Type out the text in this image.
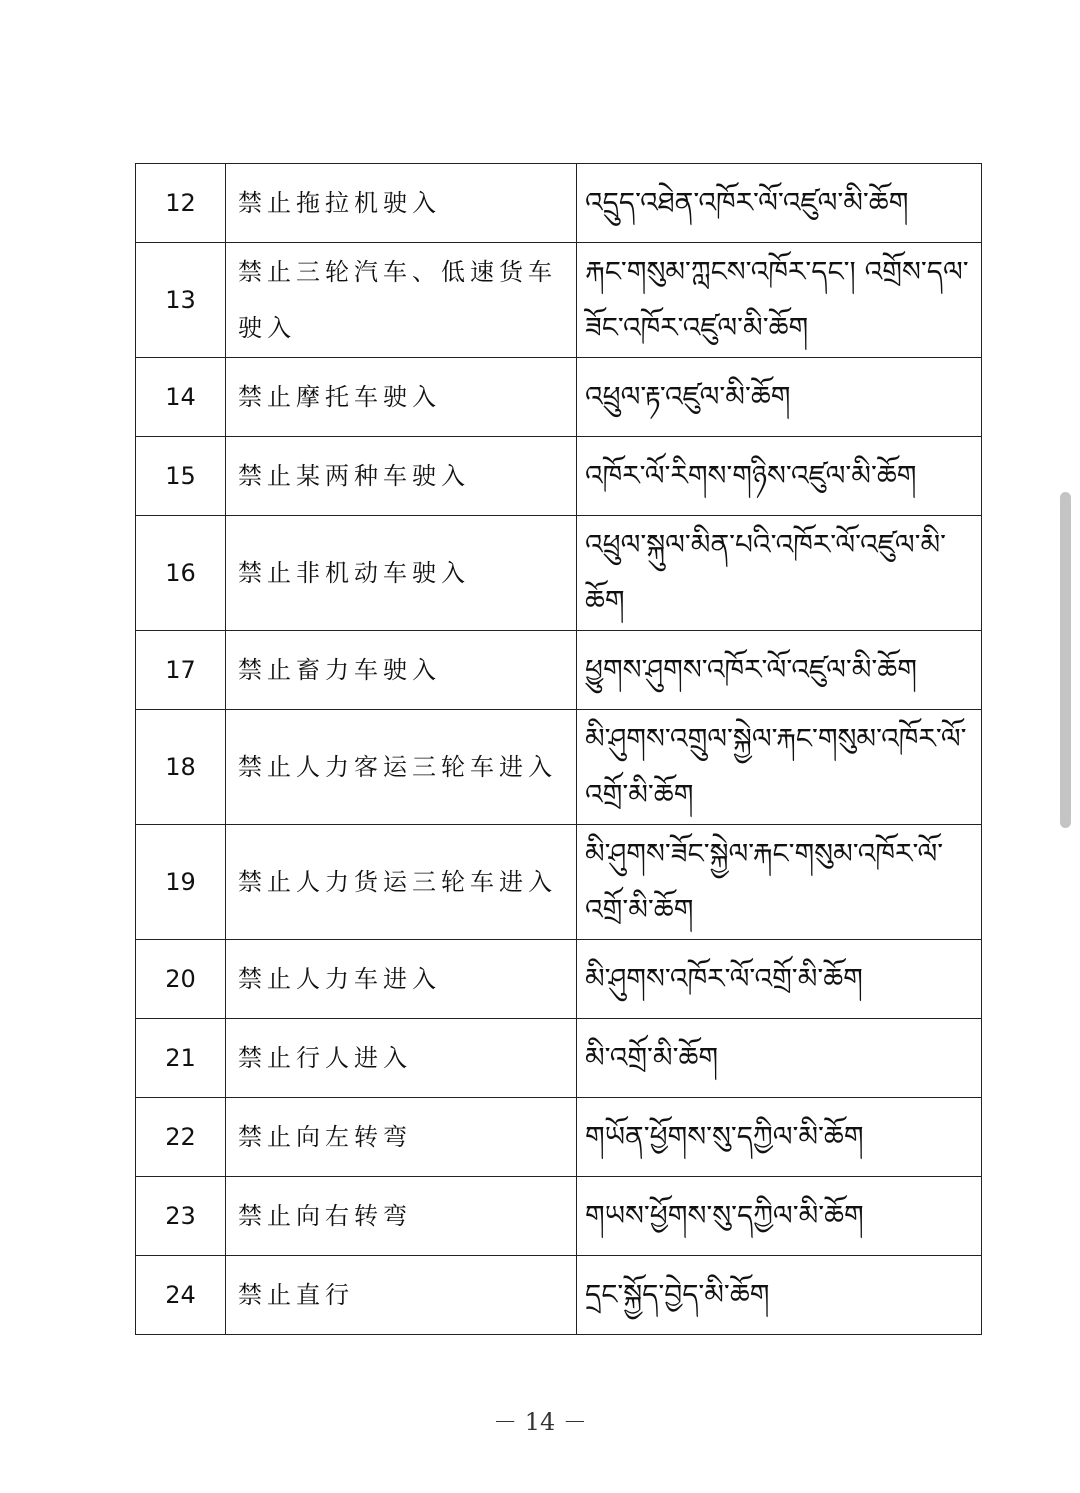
12	禁止拖拉机驶入	འདྲུད་འཐེན་འཁོར་ལོ་འཛུལ་མི་ཆོག
13	禁止三轮汽车、低速货车驶入	རྐང་གསུམ་ཀླངས་འཁོར་དང་། འགྲོས་དལ་ཟོང་འཁོར་འཛུལ་མི་ཆོག
14	禁止摩托车驶入	འཕྲུལ་རྟ་འཛུལ་མི་ཆོག
15	禁止某两种车驶入	འཁོར་ལོ་རིགས་གཉིས་འཛུལ་མི་ཆོག
16	禁止非机动车驶入	འཕྲུལ་སྐུལ་མིན་པའི་འཁོར་ལོ་འཛུལ་མི་ཆོག
17	禁止畜力车驶入	ཕྱུགས་ཤུགས་འཁོར་ལོ་འཛུལ་མི་ཆོག
18	禁止人力客运三轮车进入	མི་ཤུགས་འགྲུལ་སྐྱེལ་རྐང་གསུམ་འཁོར་ལོ་འགྲོ་མི་ཆོག
19	禁止人力货运三轮车进入	མི་ཤུགས་ཟོང་སྐྱེལ་རྐང་གསུམ་འཁོར་ལོ་འགྲོ་མི་ཆོག
20	禁止人力车进入	མི་ཤུགས་འཁོར་ལོ་འགྲོ་མི་ཆོག
21	禁止行人进入	མི་འགྲོ་མི་ཆོག
22	禁止向左转弯	གཡོན་ཕྱོགས་སུ་དཀྱིལ་མི་ཆོག
23	禁止向右转弯	གཡས་ཕྱོགས་སུ་དཀྱིལ་མི་ཆོག
24	禁止直行	དྲང་སྐྱོད་བྱེད་མི་ཆོག
－ 14 －
